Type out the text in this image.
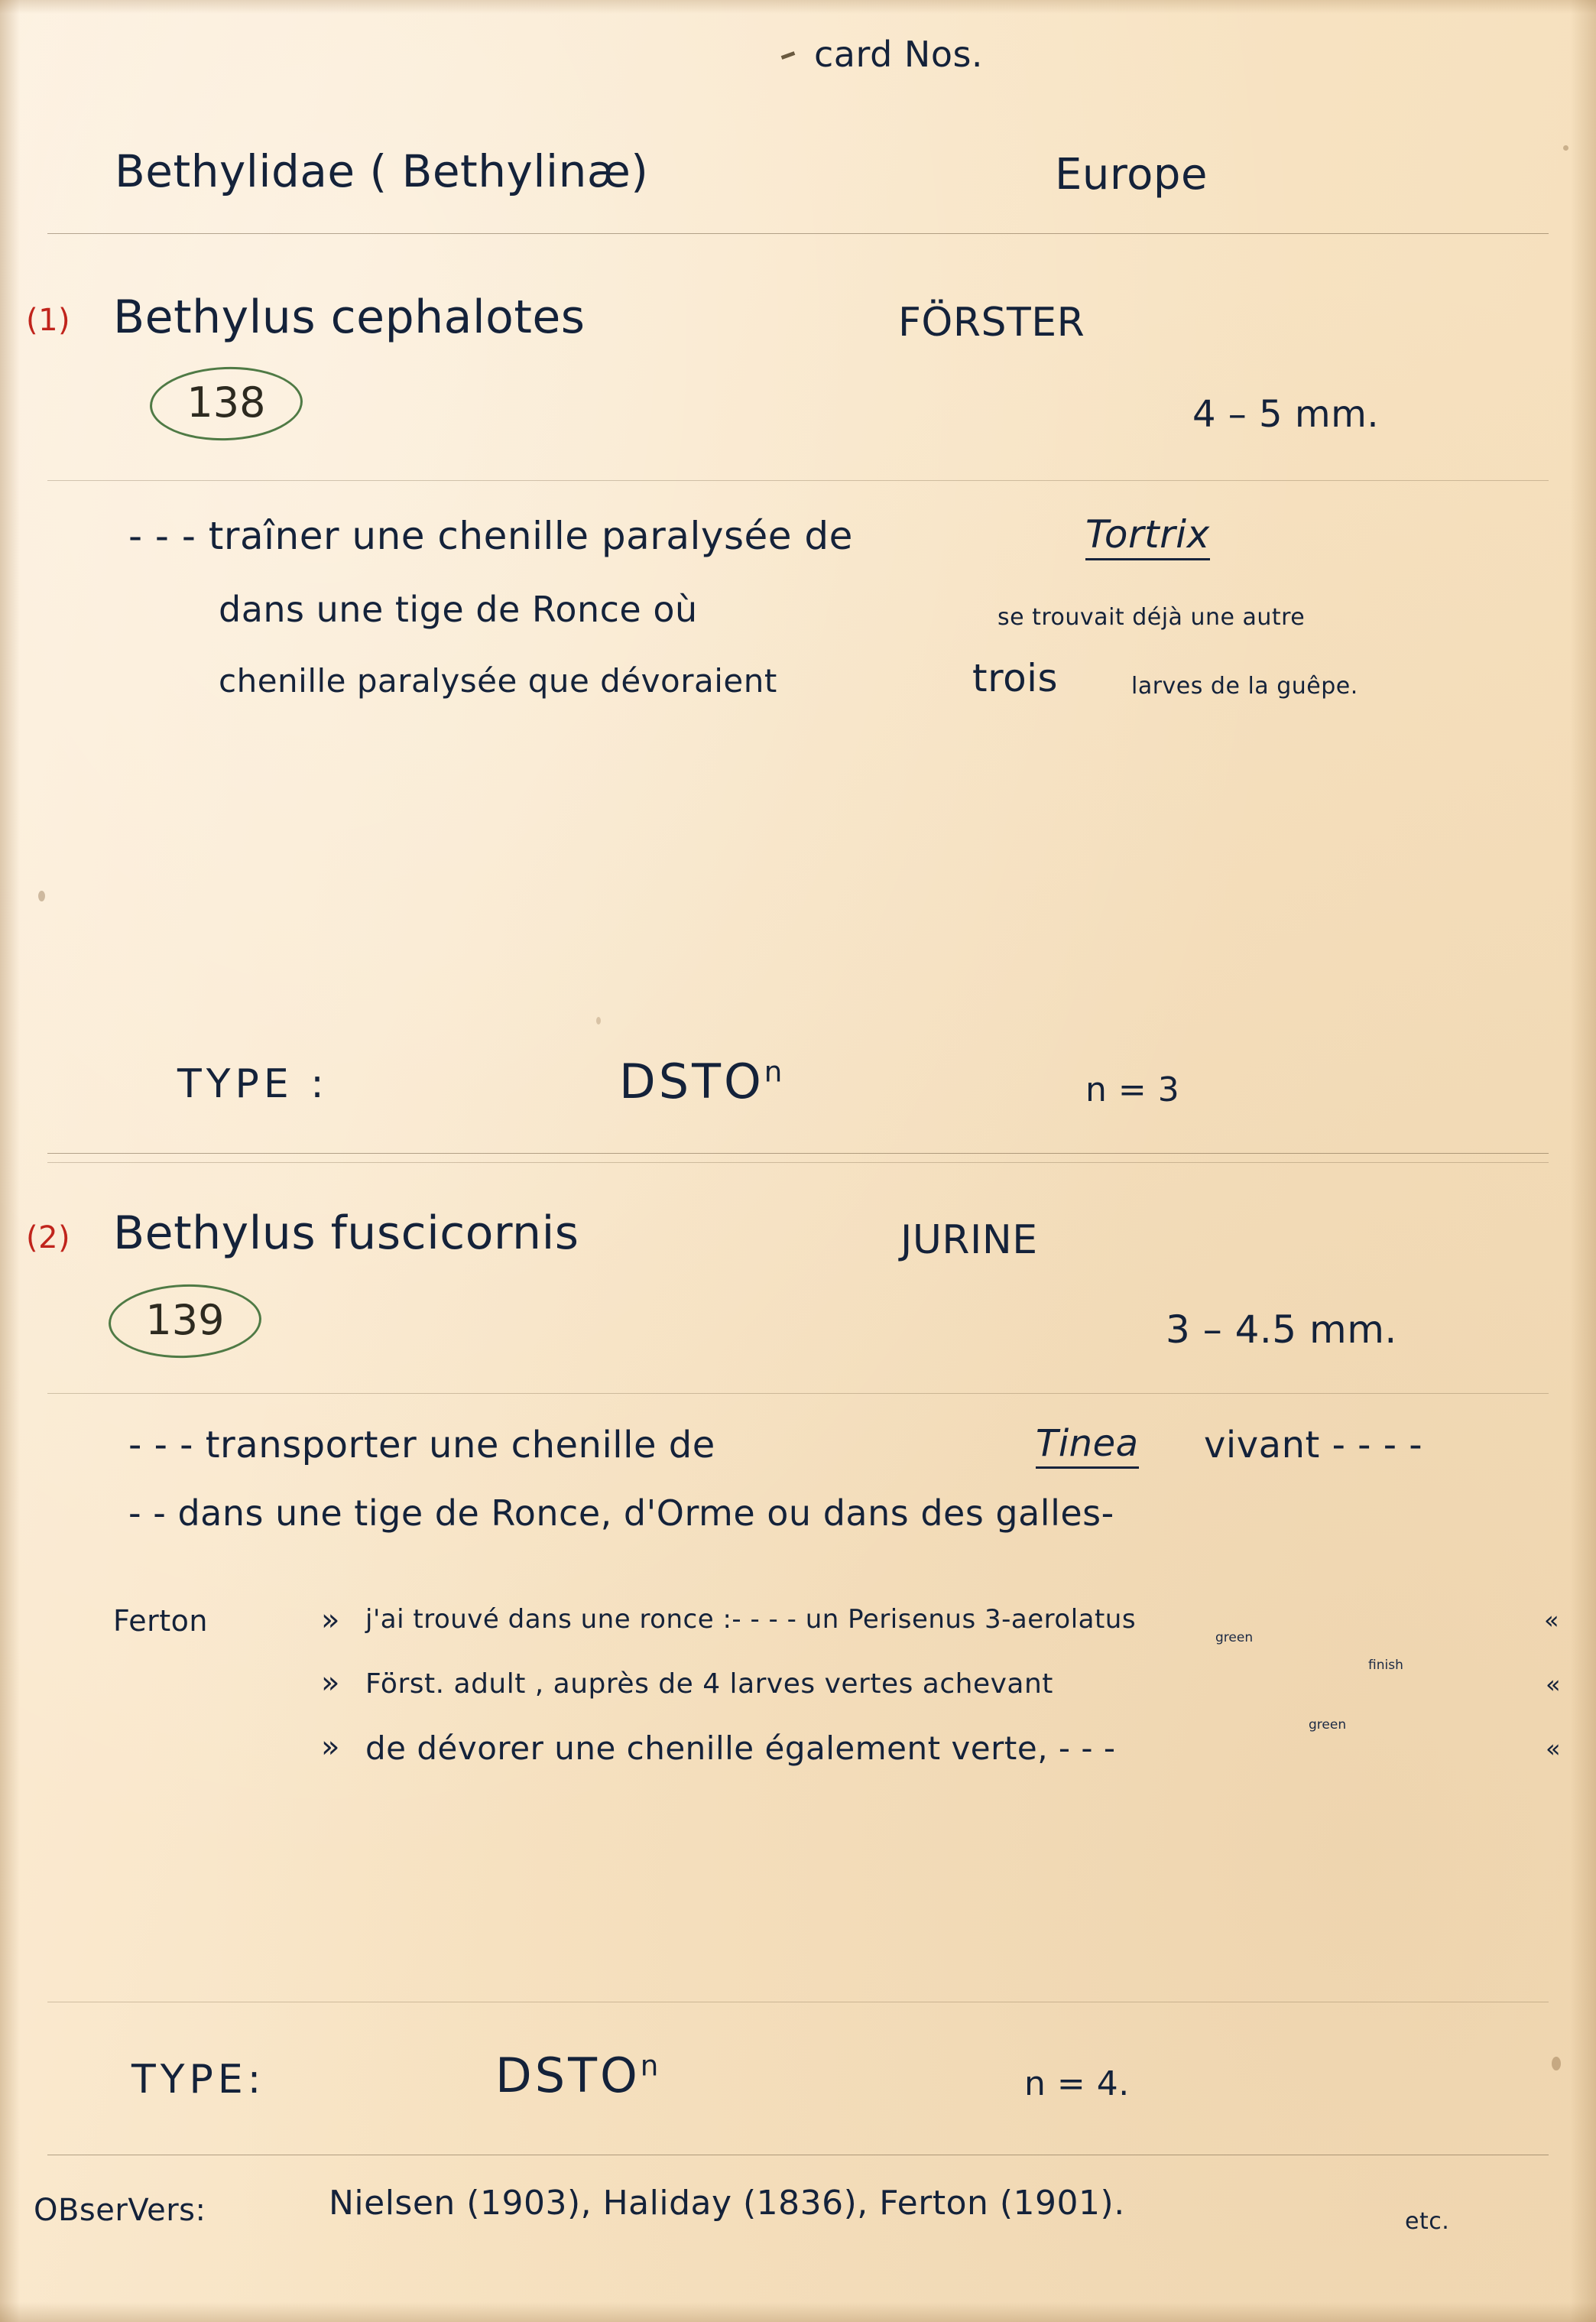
card Nos.
Bethylidae ( Bethylinæ)	Europe
(1) Bethylus cephalotes	FÖRSTER
138	4 – 5 mm.
- - - traîner une chenille paralysée de	Tortrix
dans une tige de Ronce où	se trouvait déjà une autre
chenille paralysée que dévoraient	trois	larves de la guêpe.
TYPE :	DSTO$^n$	n = 3
(2) Bethylus fuscicornis	JURINE
139	3 – 4.5 mm.
- - - transporter une chenille de	Tinea vivant - - - -
- - dans une tige de Ronce, d'Orme ou dans des galles-
Ferton	» j'ai trouvé dans une ronce :- - - - un Perisenus 3-aerolatus	«
green
» Först. adult , auprès de 4 larves vertes achevant	«
finish
» de dévorer une chenille également verte, - - -	«
green
TYPE:	DSTO$^n$	n = 4.
OBserVers:	Nielsen (1903), Haliday (1836), Ferton (1901).	etc.
